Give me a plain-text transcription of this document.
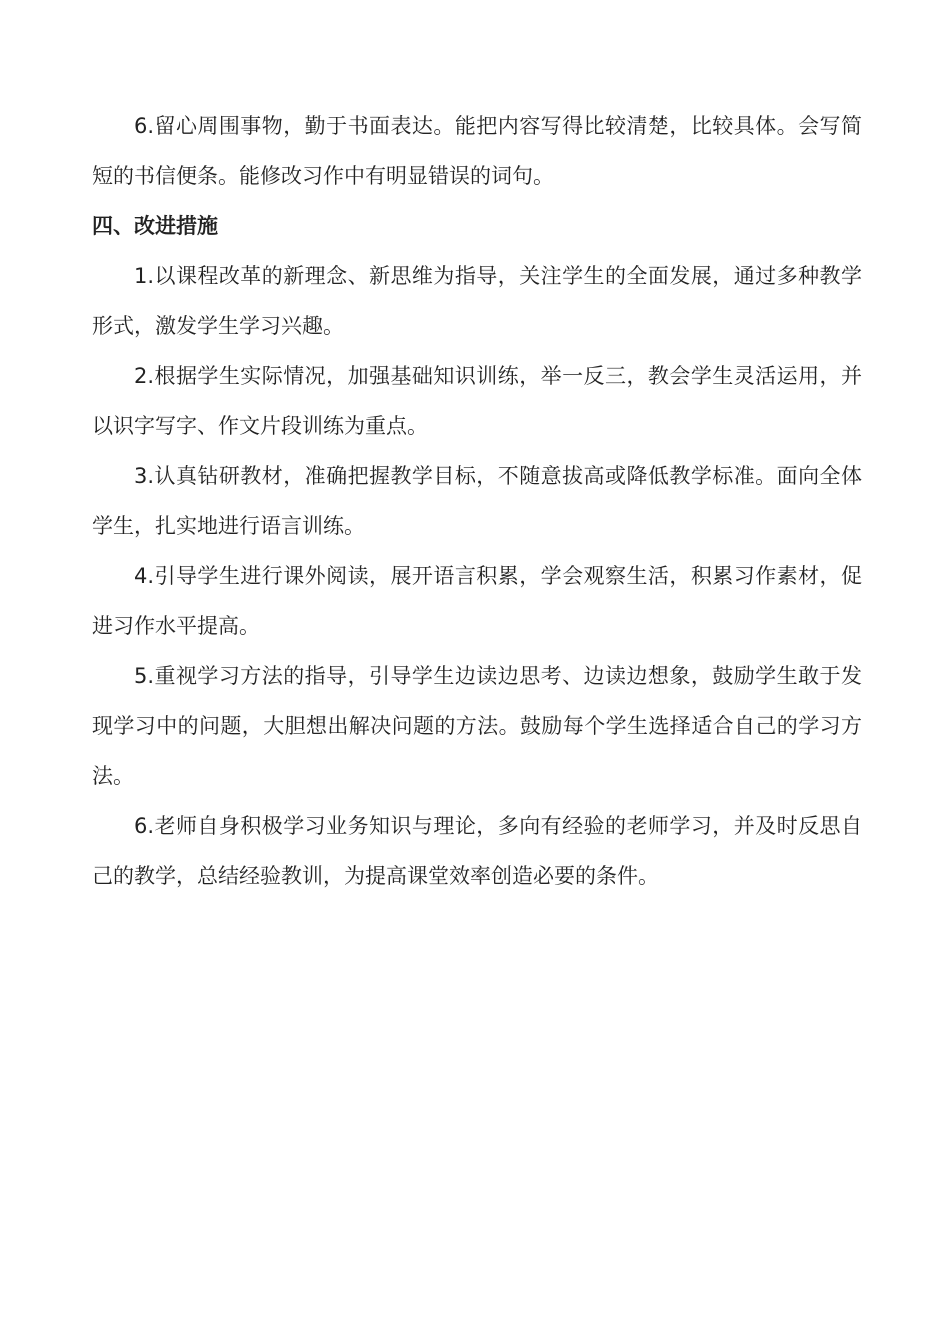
6.留心周围事物，勤于书面表达。能把内容写得比较清楚，比较具体。会写简短的书信便条。能修改习作中有明显错误的词句。

四、改进措施

1.以课程改革的新理念、新思维为指导，关注学生的全面发展，通过多种教学形式，激发学生学习兴趣。

2.根据学生实际情况，加强基础知识训练，举一反三，教会学生灵活运用，并以识字写字、作文片段训练为重点。

3.认真钻研教材，准确把握教学目标，不随意拔高或降低教学标准。面向全体学生，扎实地进行语言训练。

4.引导学生进行课外阅读，展开语言积累，学会观察生活，积累习作素材，促进习作水平提高。

5.重视学习方法的指导，引导学生边读边思考、边读边想象，鼓励学生敢于发现学习中的问题，大胆想出解决问题的方法。鼓励每个学生选择适合自己的学习方法。

6.老师自身积极学习业务知识与理论，多向有经验的老师学习，并及时反思自己的教学，总结经验教训，为提高课堂效率创造必要的条件。
